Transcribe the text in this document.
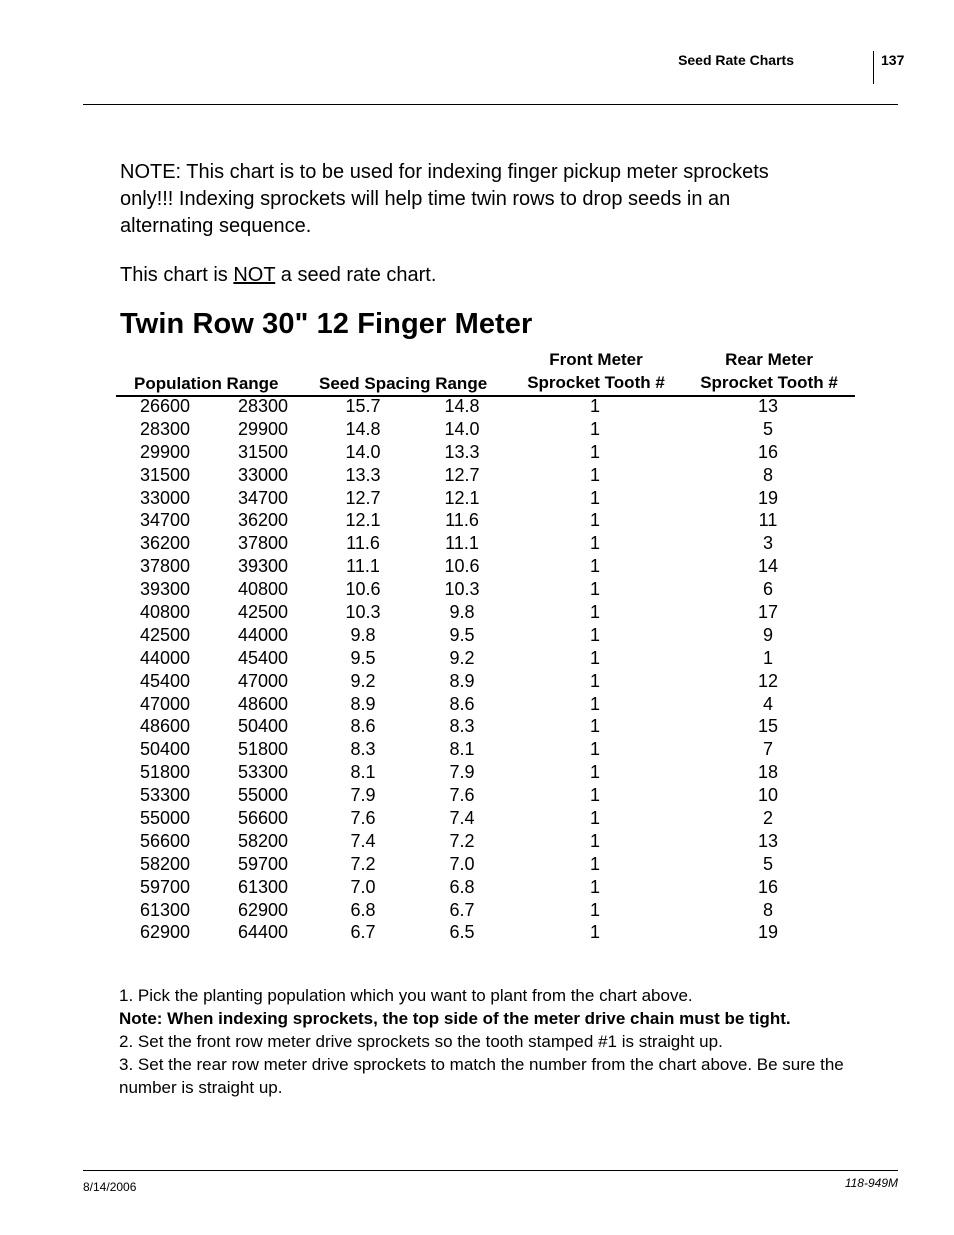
Seed Rate Charts	137
NOTE: This chart is to be used for indexing finger pickup meter sprockets only!!! Indexing sprockets will help time twin rows to drop seeds in an alternating sequence.
This chart is NOT a seed rate chart.
Twin Row 30" 12 Finger Meter
Population Range Seed Spacing Range
Front Meter
Sprocket Tooth #
Rear Meter
Sprocket Tooth #
26600	28300	15.7	14.8	1	13
28300	29900	14.8	14.0	1	5
29900	31500	14.0	13.3	1	16
31500	33000	13.3	12.7	1	8
33000	34700	12.7	12.1	1	19
34700	36200	12.1	11.6	1	11
36200	37800	11.6	11.1	1	3
37800	39300	11.1	10.6	1	14
39300	40800	10.6	10.3	1	6
40800	42500	10.3	9.8	1	17
42500	44000	9.8	9.5	1	9
44000	45400	9.5	9.2	1	1
45400	47000	9.2	8.9	1	12
47000	48600	8.9	8.6	1	4
48600	50400	8.6	8.3	1	15
50400	51800	8.3	8.1	1	7
51800	53300	8.1	7.9	1	18
53300	55000	7.9	7.6	1	10
55000	56600	7.6	7.4	1	2
56600	58200	7.4	7.2	1	13
58200	59700	7.2	7.0	1	5
59700	61300	7.0	6.8	1	16
61300	62900	6.8	6.7	1	8
62900	64400	6.7	6.5	1	19

1. Pick the planting population which you want to plant from the chart above.

Note: When indexing sprockets, the top side of the meter drive chain must be tight.

2. Set the front row meter drive sprockets so the tooth stamped #1 is straight up.

3. Set the rear row meter drive sprockets to match the number from the chart above. Be sure the number is straight up.

8/14/2006	118-949M
